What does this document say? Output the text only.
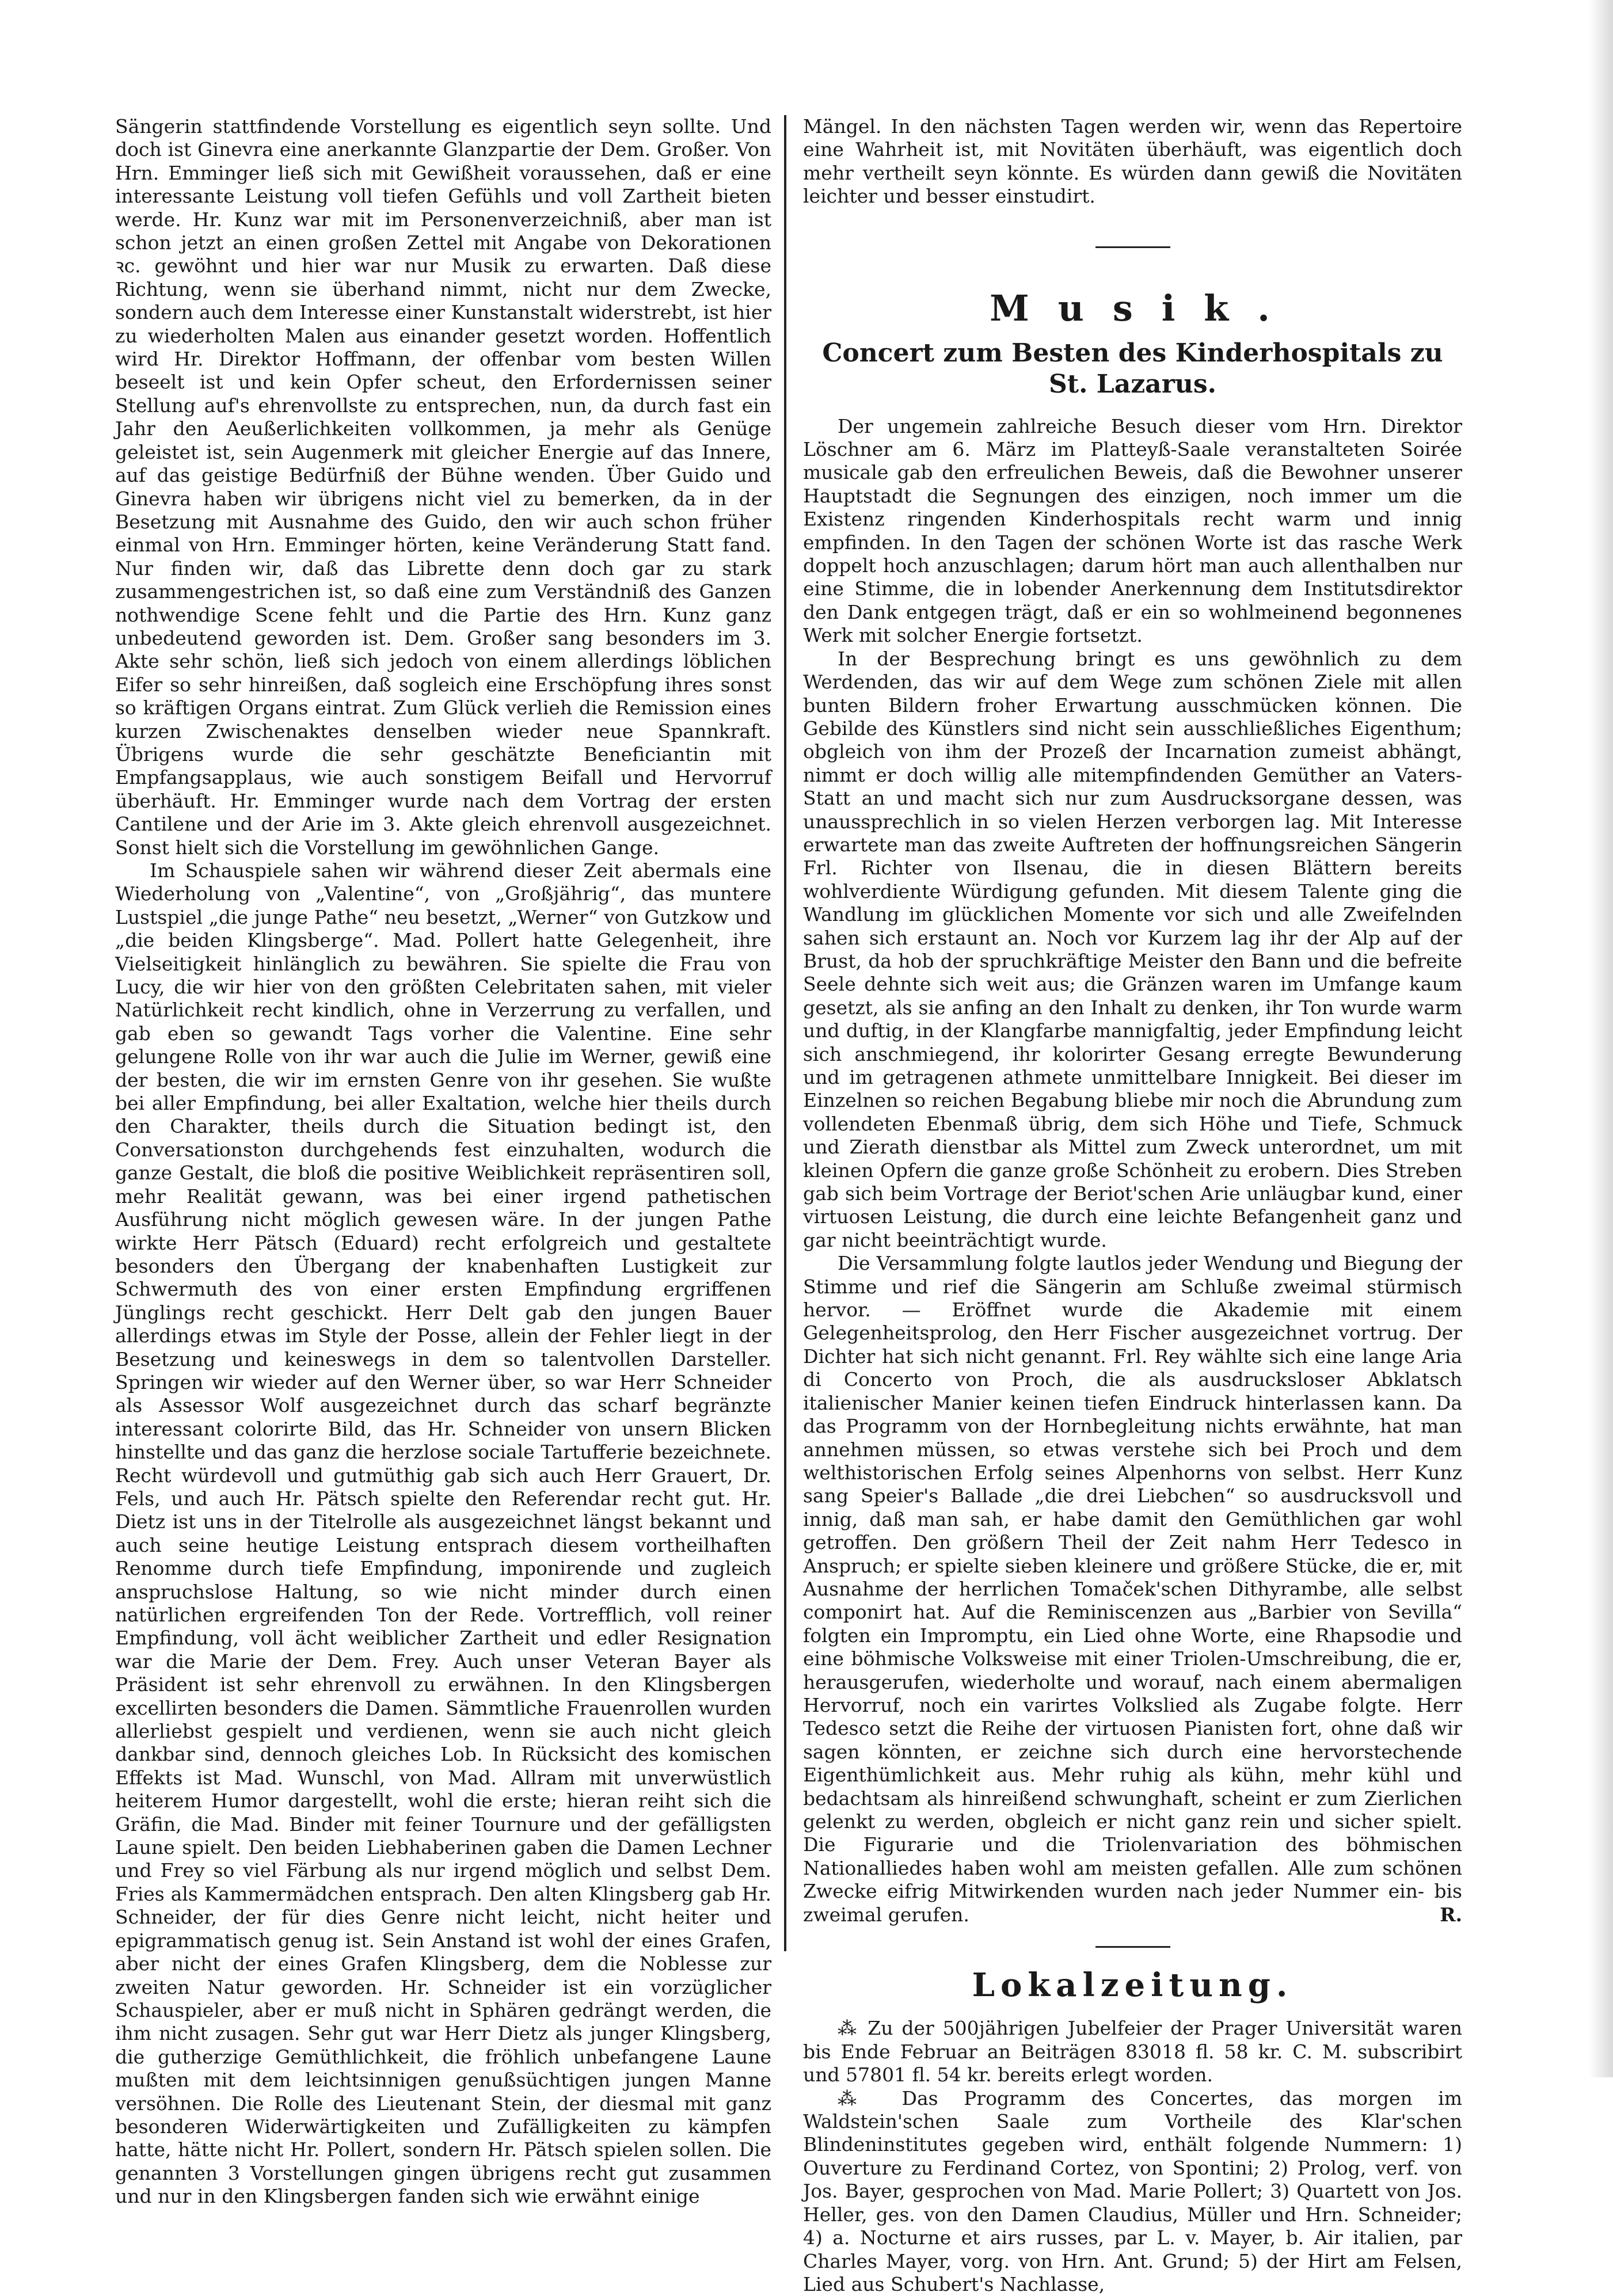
Sängerin stattfindende Vorstellung es eigentlich seyn sollte. Und doch ist Ginevra eine anerkannte Glanzpartie der Dem. Großer. Von Hrn. Emminger ließ sich mit Gewißheit voraussehen, daß er eine interessante Leistung voll tiefen Gefühls und voll Zartheit bieten werde. Hr. Kunz war mit im Personenverzeichniß, aber man ist schon jetzt an einen großen Zettel mit Angabe von Dekorationen ꝛc. gewöhnt und hier war nur Musik zu erwarten. Daß diese Richtung, wenn sie überhand nimmt, nicht nur dem Zwecke, sondern auch dem Interesse einer Kunstanstalt widerstrebt, ist hier zu wiederholten Malen aus einander gesetzt worden. Hoffentlich wird Hr. Direktor Hoffmann, der offenbar vom besten Willen beseelt ist und kein Opfer scheut, den Erfordernissen seiner Stellung auf's ehrenvollste zu entsprechen, nun, da durch fast ein Jahr den Aeußerlichkeiten vollkommen, ja mehr als Genüge geleistet ist, sein Augenmerk mit gleicher Energie auf das Innere, auf das geistige Bedürfniß der Bühne wenden. Über Guido und Ginevra haben wir übrigens nicht viel zu bemerken, da in der Besetzung mit Ausnahme des Guido, den wir auch schon früher einmal von Hrn. Emminger hörten, keine Veränderung Statt fand. Nur finden wir, daß das Librette denn doch gar zu stark zusammengestrichen ist, so daß eine zum Verständniß des Ganzen nothwendige Scene fehlt und die Partie des Hrn. Kunz ganz unbedeutend geworden ist. Dem. Großer sang besonders im 3. Akte sehr schön, ließ sich jedoch von einem allerdings löblichen Eifer so sehr hinreißen, daß sogleich eine Erschöpfung ihres sonst so kräftigen Organs eintrat. Zum Glück verlieh die Remission eines kurzen Zwischenaktes denselben wieder neue Spannkraft. Übrigens wurde die sehr geschätzte Beneficiantin mit Empfangsapplaus, wie auch sonstigem Beifall und Hervorruf überhäuft. Hr. Emminger wurde nach dem Vortrag der ersten Cantilene und der Arie im 3. Akte gleich ehrenvoll ausgezeichnet. Sonst hielt sich die Vorstellung im gewöhnlichen Gange.

Im Schauspiele sahen wir während dieser Zeit abermals eine Wiederholung von „Valentine“, von „Großjährig“, das muntere Lustspiel „die junge Pathe“ neu besetzt, „Werner“ von Gutzkow und „die beiden Klingsberge“. Mad. Pollert hatte Gelegenheit, ihre Vielseitigkeit hinlänglich zu bewähren. Sie spielte die Frau von Lucy, die wir hier von den größten Celebritaten sahen, mit vieler Natürlichkeit recht kindlich, ohne in Verzerrung zu verfallen, und gab eben so gewandt Tags vorher die Valentine. Eine sehr gelungene Rolle von ihr war auch die Julie im Werner, gewiß eine der besten, die wir im ernsten Genre von ihr gesehen. Sie wußte bei aller Empfindung, bei aller Exaltation, welche hier theils durch den Charakter, theils durch die Situation bedingt ist, den Conversationston durchgehends fest einzuhalten, wodurch die ganze Gestalt, die bloß die positive Weiblichkeit repräsentiren soll, mehr Realität gewann, was bei einer irgend pathetischen Ausführung nicht möglich gewesen wäre. In der jungen Pathe wirkte Herr Pätsch (Eduard) recht erfolgreich und gestaltete besonders den Übergang der knabenhaften Lustigkeit zur Schwermuth des von einer ersten Empfindung ergriffenen Jünglings recht geschickt. Herr Delt gab den jungen Bauer allerdings etwas im Style der Posse, allein der Fehler liegt in der Besetzung und keineswegs in dem so talentvollen Darsteller. Springen wir wieder auf den Werner über, so war Herr Schneider als Assessor Wolf ausgezeichnet durch das scharf begränzte interessant colorirte Bild, das Hr. Schneider von unsern Blicken hinstellte und das ganz die herzlose sociale Tartufferie bezeichnete. Recht würdevoll und gutmüthig gab sich auch Herr Grauert, Dr. Fels, und auch Hr. Pätsch spielte den Referendar recht gut. Hr. Dietz ist uns in der Titelrolle als ausgezeichnet längst bekannt und auch seine heutige Leistung entsprach diesem vortheilhaften Renomme durch tiefe Empfindung, imponirende und zugleich anspruchslose Haltung, so wie nicht minder durch einen natürlichen ergreifenden Ton der Rede. Vortrefflich, voll reiner Empfindung, voll ächt weiblicher Zartheit und edler Resignation war die Marie der Dem. Frey. Auch unser Veteran Bayer als Präsident ist sehr ehrenvoll zu erwähnen. In den Klingsbergen excellirten besonders die Damen. Sämmtliche Frauenrollen wurden allerliebst gespielt und verdienen, wenn sie auch nicht gleich dankbar sind, dennoch gleiches Lob. In Rücksicht des komischen Effekts ist Mad. Wunschl, von Mad. Allram mit unverwüstlich heiterem Humor dargestellt, wohl die erste; hieran reiht sich die Gräfin, die Mad. Binder mit feiner Tournure und der gefälligsten Laune spielt. Den beiden Liebhaberinen gaben die Damen Lechner und Frey so viel Färbung als nur irgend möglich und selbst Dem. Fries als Kammermädchen entsprach. Den alten Klingsberg gab Hr. Schneider, der für dies Genre nicht leicht, nicht heiter und epigrammatisch genug ist. Sein Anstand ist wohl der eines Grafen, aber nicht der eines Grafen Klingsberg, dem die Noblesse zur zweiten Natur geworden. Hr. Schneider ist ein vorzüglicher Schauspieler, aber er muß nicht in Sphären gedrängt werden, die ihm nicht zusagen. Sehr gut war Herr Dietz als junger Klingsberg, die gutherzige Gemüthlichkeit, die fröhlich unbefangene Laune mußten mit dem leichtsinnigen genußsüchtigen jungen Manne versöhnen. Die Rolle des Lieutenant Stein, der diesmal mit ganz besonderen Widerwärtigkeiten und Zufälligkeiten zu kämpfen hatte, hätte nicht Hr. Pollert, sondern Hr. Pätsch spielen sollen. Die genannten 3 Vorstellungen gingen übrigens recht gut zusammen und nur in den Klingsbergen fanden sich wie erwähnt einige

Mängel. In den nächsten Tagen werden wir, wenn das Repertoire eine Wahrheit ist, mit Novitäten überhäuft, was eigentlich doch mehr vertheilt seyn könnte. Es würden dann gewiß die Novitäten leichter und besser einstudirt.

Musik.
Concert zum Besten des Kinderhospitals zu St. Lazarus.

Der ungemein zahlreiche Besuch dieser vom Hrn. Direktor Löschner am 6. März im Platteyß-Saale veranstalteten Soirée musicale gab den erfreulichen Beweis, daß die Bewohner unserer Hauptstadt die Segnungen des einzigen, noch immer um die Existenz ringenden Kinderhospitals recht warm und innig empfinden. In den Tagen der schönen Worte ist das rasche Werk doppelt hoch anzuschlagen; darum hört man auch allenthalben nur eine Stimme, die in lobender Anerkennung dem Institutsdirektor den Dank entgegen trägt, daß er ein so wohlmeinend begonnenes Werk mit solcher Energie fortsetzt.

In der Besprechung bringt es uns gewöhnlich zu dem Werdenden, das wir auf dem Wege zum schönen Ziele mit allen bunten Bildern froher Erwartung ausschmücken können. Die Gebilde des Künstlers sind nicht sein ausschließliches Eigenthum; obgleich von ihm der Prozeß der Incarnation zumeist abhängt, nimmt er doch willig alle mitempfindenden Gemüther an Vaters-Statt an und macht sich nur zum Ausdrucksorgane dessen, was unaussprechlich in so vielen Herzen verborgen lag. Mit Interesse erwartete man das zweite Auftreten der hoffnungsreichen Sängerin Frl. Richter von Ilsenau, die in diesen Blättern bereits wohlverdiente Würdigung gefunden. Mit diesem Talente ging die Wandlung im glücklichen Momente vor sich und alle Zweifelnden sahen sich erstaunt an. Noch vor Kurzem lag ihr der Alp auf der Brust, da hob der spruchkräftige Meister den Bann und die befreite Seele dehnte sich weit aus; die Gränzen waren im Umfange kaum gesetzt, als sie anfing an den Inhalt zu denken, ihr Ton wurde warm und duftig, in der Klangfarbe mannigfaltig, jeder Empfindung leicht sich anschmiegend, ihr kolorirter Gesang erregte Bewunderung und im getragenen athmete unmittelbare Innigkeit. Bei dieser im Einzelnen so reichen Begabung bliebe mir noch die Abrundung zum vollendeten Ebenmaß übrig, dem sich Höhe und Tiefe, Schmuck und Zierath dienstbar als Mittel zum Zweck unterordnet, um mit kleinen Opfern die ganze große Schönheit zu erobern. Dies Streben gab sich beim Vortrage der Beriot'schen Arie unläugbar kund, einer virtuosen Leistung, die durch eine leichte Befangenheit ganz und gar nicht beeinträchtigt wurde.

Die Versammlung folgte lautlos jeder Wendung und Biegung der Stimme und rief die Sängerin am Schluße zweimal stürmisch hervor. — Eröffnet wurde die Akademie mit einem Gelegenheitsprolog, den Herr Fischer ausgezeichnet vortrug. Der Dichter hat sich nicht genannt. Frl. Rey wählte sich eine lange Aria di Concerto von Proch, die als ausdrucksloser Abklatsch italienischer Manier keinen tiefen Eindruck hinterlassen kann. Da das Programm von der Hornbegleitung nichts erwähnte, hat man annehmen müssen, so etwas verstehe sich bei Proch und dem welthistorischen Erfolg seines Alpenhorns von selbst. Herr Kunz sang Speier's Ballade „die drei Liebchen“ so ausdrucksvoll und innig, daß man sah, er habe damit den Gemüthlichen gar wohl getroffen. Den größern Theil der Zeit nahm Herr Tedesco in Anspruch; er spielte sieben kleinere und größere Stücke, die er, mit Ausnahme der herrlichen Tomaček'schen Dithyrambe, alle selbst componirt hat. Auf die Reminiscenzen aus „Barbier von Sevilla“ folgten ein Impromptu, ein Lied ohne Worte, eine Rhapsodie und eine böhmische Volksweise mit einer Triolen-Umschreibung, die er, herausgerufen, wiederholte und worauf, nach einem abermaligen Hervorruf, noch ein varirtes Volkslied als Zugabe folgte. Herr Tedesco setzt die Reihe der virtuosen Pianisten fort, ohne daß wir sagen könnten, er zeichne sich durch eine hervorstechende Eigenthümlichkeit aus. Mehr ruhig als kühn, mehr kühl und bedachtsam als hinreißend schwunghaft, scheint er zum Zierlichen gelenkt zu werden, obgleich er nicht ganz rein und sicher spielt. Die Figurarie und die Triolenvariation des böhmischen Nationalliedes haben wohl am meisten gefallen. Alle zum schönen Zwecke eifrig Mitwirkenden wurden nach jeder Nummer ein- bis zweimal gerufen.	R.
Lokalzeitung.

⁂ Zu der 500jährigen Jubelfeier der Prager Universität waren bis Ende Februar an Beiträgen 83018 fl. 58 kr. C. M. subscribirt und 57801 fl. 54 kr. bereits erlegt worden.

⁂ Das Programm des Concertes, das morgen im Waldstein'schen Saale zum Vortheile des Klar'schen Blindeninstitutes gegeben wird, enthält folgende Nummern: 1) Ouverture zu Ferdinand Cortez, von Spontini; 2) Prolog, verf. von Jos. Bayer, gesprochen von Mad. Marie Pollert; 3) Quartett von Jos. Heller, ges. von den Damen Claudius, Müller und Hrn. Schneider; 4) a. Nocturne et airs russes, par L. v. Mayer, b. Air italien, par Charles Mayer, vorg. von Hrn. Ant. Grund; 5) der Hirt am Felsen, Lied aus Schubert's Nachlasse,
